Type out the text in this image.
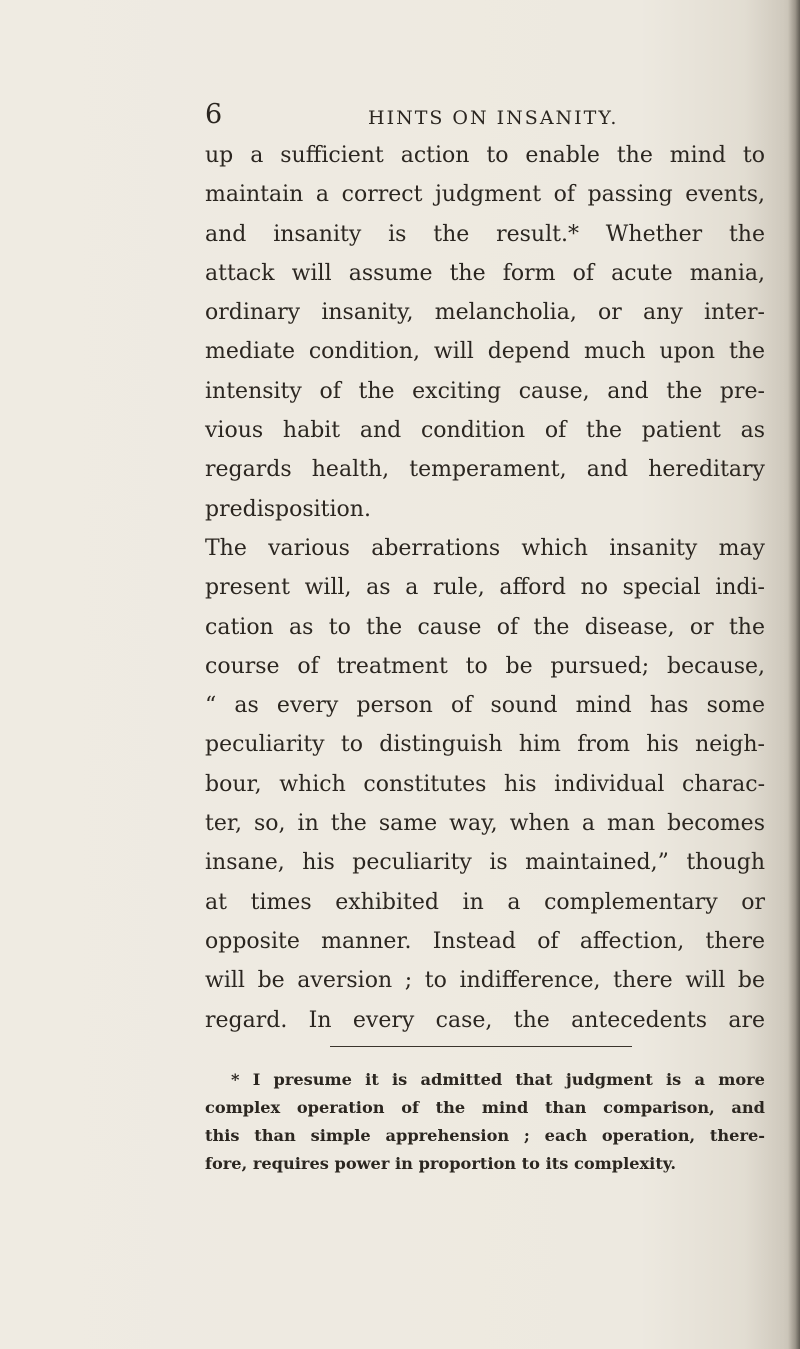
6	HINTS ON INSANITY.
up a sufficient action to enable the mind to
maintain a correct judgment of passing events,
and insanity is the result.* Whether the
attack will assume the form of acute mania,
ordinary insanity, melancholia, or any inter-
mediate condition, will depend much upon the
intensity of the exciting cause, and the pre-
vious habit and condition of the patient as
regards health, temperament, and hereditary
predisposition.
The various aberrations which insanity may
present will, as a rule, afford no special indi-
cation as to the cause of the disease, or the
course of treatment to be pursued; because,
“ as every person of sound mind has some
peculiarity to distinguish him from his neigh-
bour, which constitutes his individual charac-
ter, so, in the same way, when a man becomes
insane, his peculiarity is maintained,” though
at times exhibited in a complementary or
opposite manner. Instead of affection, there
will be aversion ; to indifference, there will be
regard. In every case, the antecedents are
* I presume it is admitted that judgment is a more
complex operation of the mind than comparison, and
this than simple apprehension ; each operation, there-
fore, requires power in proportion to its complexity.
